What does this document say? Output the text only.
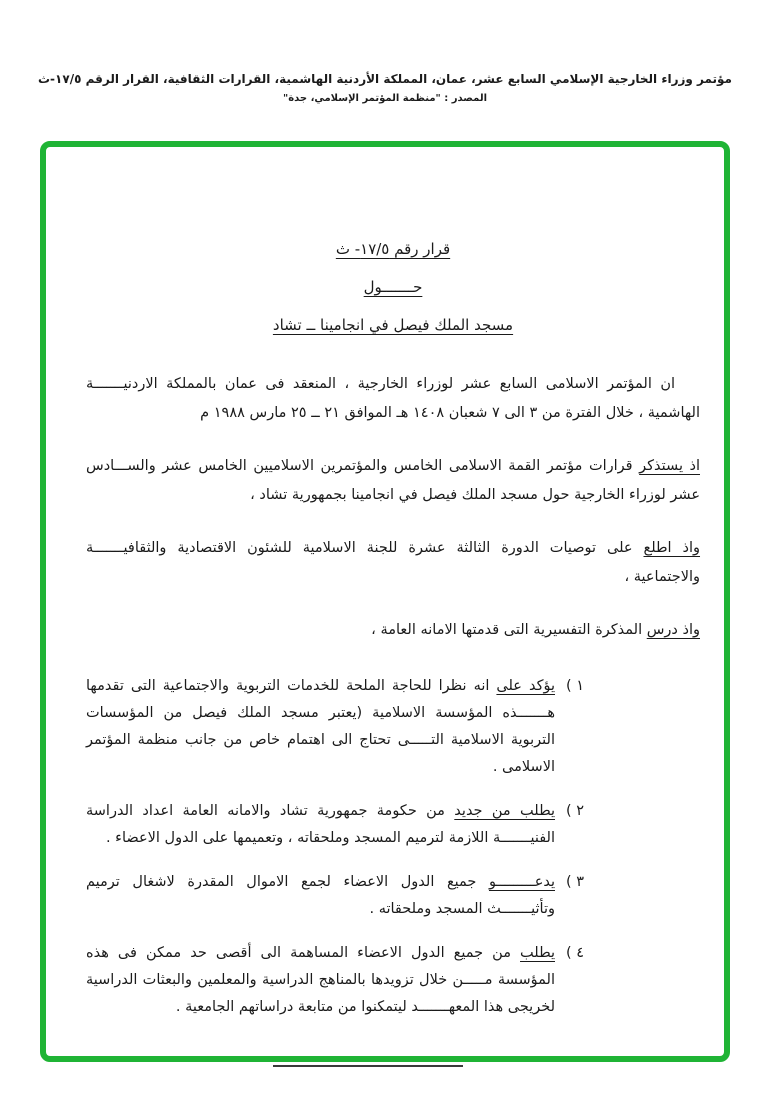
مؤتمر وزراء الخارجية الإسلامي السابع عشر، عمان، المملكة الأردنية الهاشمية، القرارات الثقافية، القرار الرقم ١٧/٥-ث
المصدر : "منظمة المؤتمر الإسلامي، جدة"
قرار رقم ١٧/٥- ث
حـــــــول
مسجد الملك فيصل في انجامينا ــ تشاد

ان المؤتمر الاسلامى السابع عشر لوزراء الخارجية ، المنعقد فى عمان بالمملكة الاردنيـــــــة الهاشمية ، خلال الفترة من ٣ الى ٧ شعبان ١٤٠٨ هـ الموافق ٢١ ــ ٢٥ مارس ١٩٨٨ م

اذ يستذكر قرارات مؤتمر القمة الاسلامى الخامس والمؤتمرين الاسلاميين الخامس عشر والســـادس عشر لوزراء الخارجية حول مسجد الملك فيصل في انجامينا بجمهورية تشاد ،

واذ اطلع على توصيات الدورة الثالثة عشرة للجنة الاسلامية للشئون الاقتصادية والثقافيـــــــة والاجتماعية ،

واذ درس المذكرة التفسيرية التى قدمتها الامانه العامة ،

( ١
يؤكد على انه نظرا للحاجة الملحة للخدمات التربوية والاجتماعية التى تقدمها هـــــــذه المؤسسة الاسلامية (يعتبر مسجد الملك فيصل من المؤسسات التربوية الاسلامية التـــــى تحتاج الى اهتمام خاص من جانب منظمة المؤتمر الاسلامى .
( ٢
يطلب من جديد من حكومة جمهورية تشاد والامانه العامة اعداد الدراسة الفنيـــــــة اللازمة لترميم المسجد وملحقاته ، وتعميمها على الدول الاعضاء .
( ٣
يدعـــــــــو جميع الدول الاعضاء لجمع الاموال المقدرة لاشغال ترميم وتأثيـــــــث المسجد وملحقاته .
( ٤
يطلب من جميع الدول الاعضاء المساهمة الى أقصى حد ممكن فى هذه المؤسسة مـــــن خلال تزويدها بالمناهج الدراسية والمعلمين والبعثات الدراسية لخريجى هذا المعهـــــــد ليتمكنوا من متابعة دراساتهم الجامعية .
